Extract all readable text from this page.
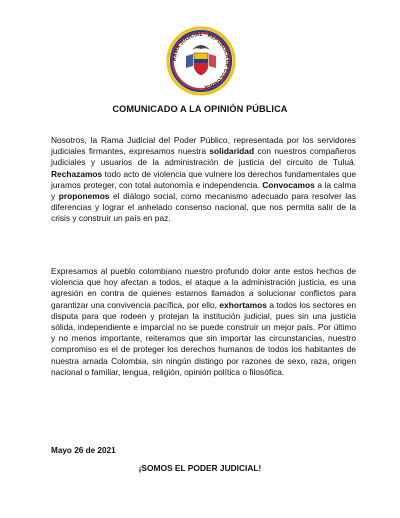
RAMA JUDICIAL · REPÚBLICA DE COLOMBIA
COMUNICADO A LA OPINIÓN PÚBLICA

Nosotros, la Rama Judicial del Poder Público, representada por los servidores judiciales firmantes, expresamos nuestra solidaridad con nuestros compañeros judiciales y usuarios de la administración de justicia del circuito de Tuluá. Rechazamos todo acto de violencia que vulnere los derechos fundamentales que juramos proteger, con total autonomía e independencia. Convocamos a la calma y proponemos el diálogo social, como mecanismo adecuado para resolver las diferencias y lograr el anhelado consenso nacional, que nos permita salir de la crisis y construir un país en paz.

Expresamos al pueblo colombiano nuestro profundo dolor ante estos hechos de violencia que hoy afectan a todos, el ataque a la administración justicia, es una agresión en contra de quienes estamos llamados a solucionar conflictos para garantizar una convivencia pacífica, por ello, exhortamos a todos los sectores en disputa para que rodeen y protejan la institución judicial, pues sin una justicia sólida, independiente e imparcial no se puede construir un mejor país. Por último y no menos importante, reiteramos que sin importar las circunstancias, nuestro compromiso es el de proteger los derechos humanos de todos los habitantes de nuestra amada Colombia, sin ningún distingo por razones de sexo, raza, origen nacional o familiar, lengua, religión, opinión política o filosófica.

Mayo 26 de 2021
¡SOMOS EL PODER JUDICIAL!
